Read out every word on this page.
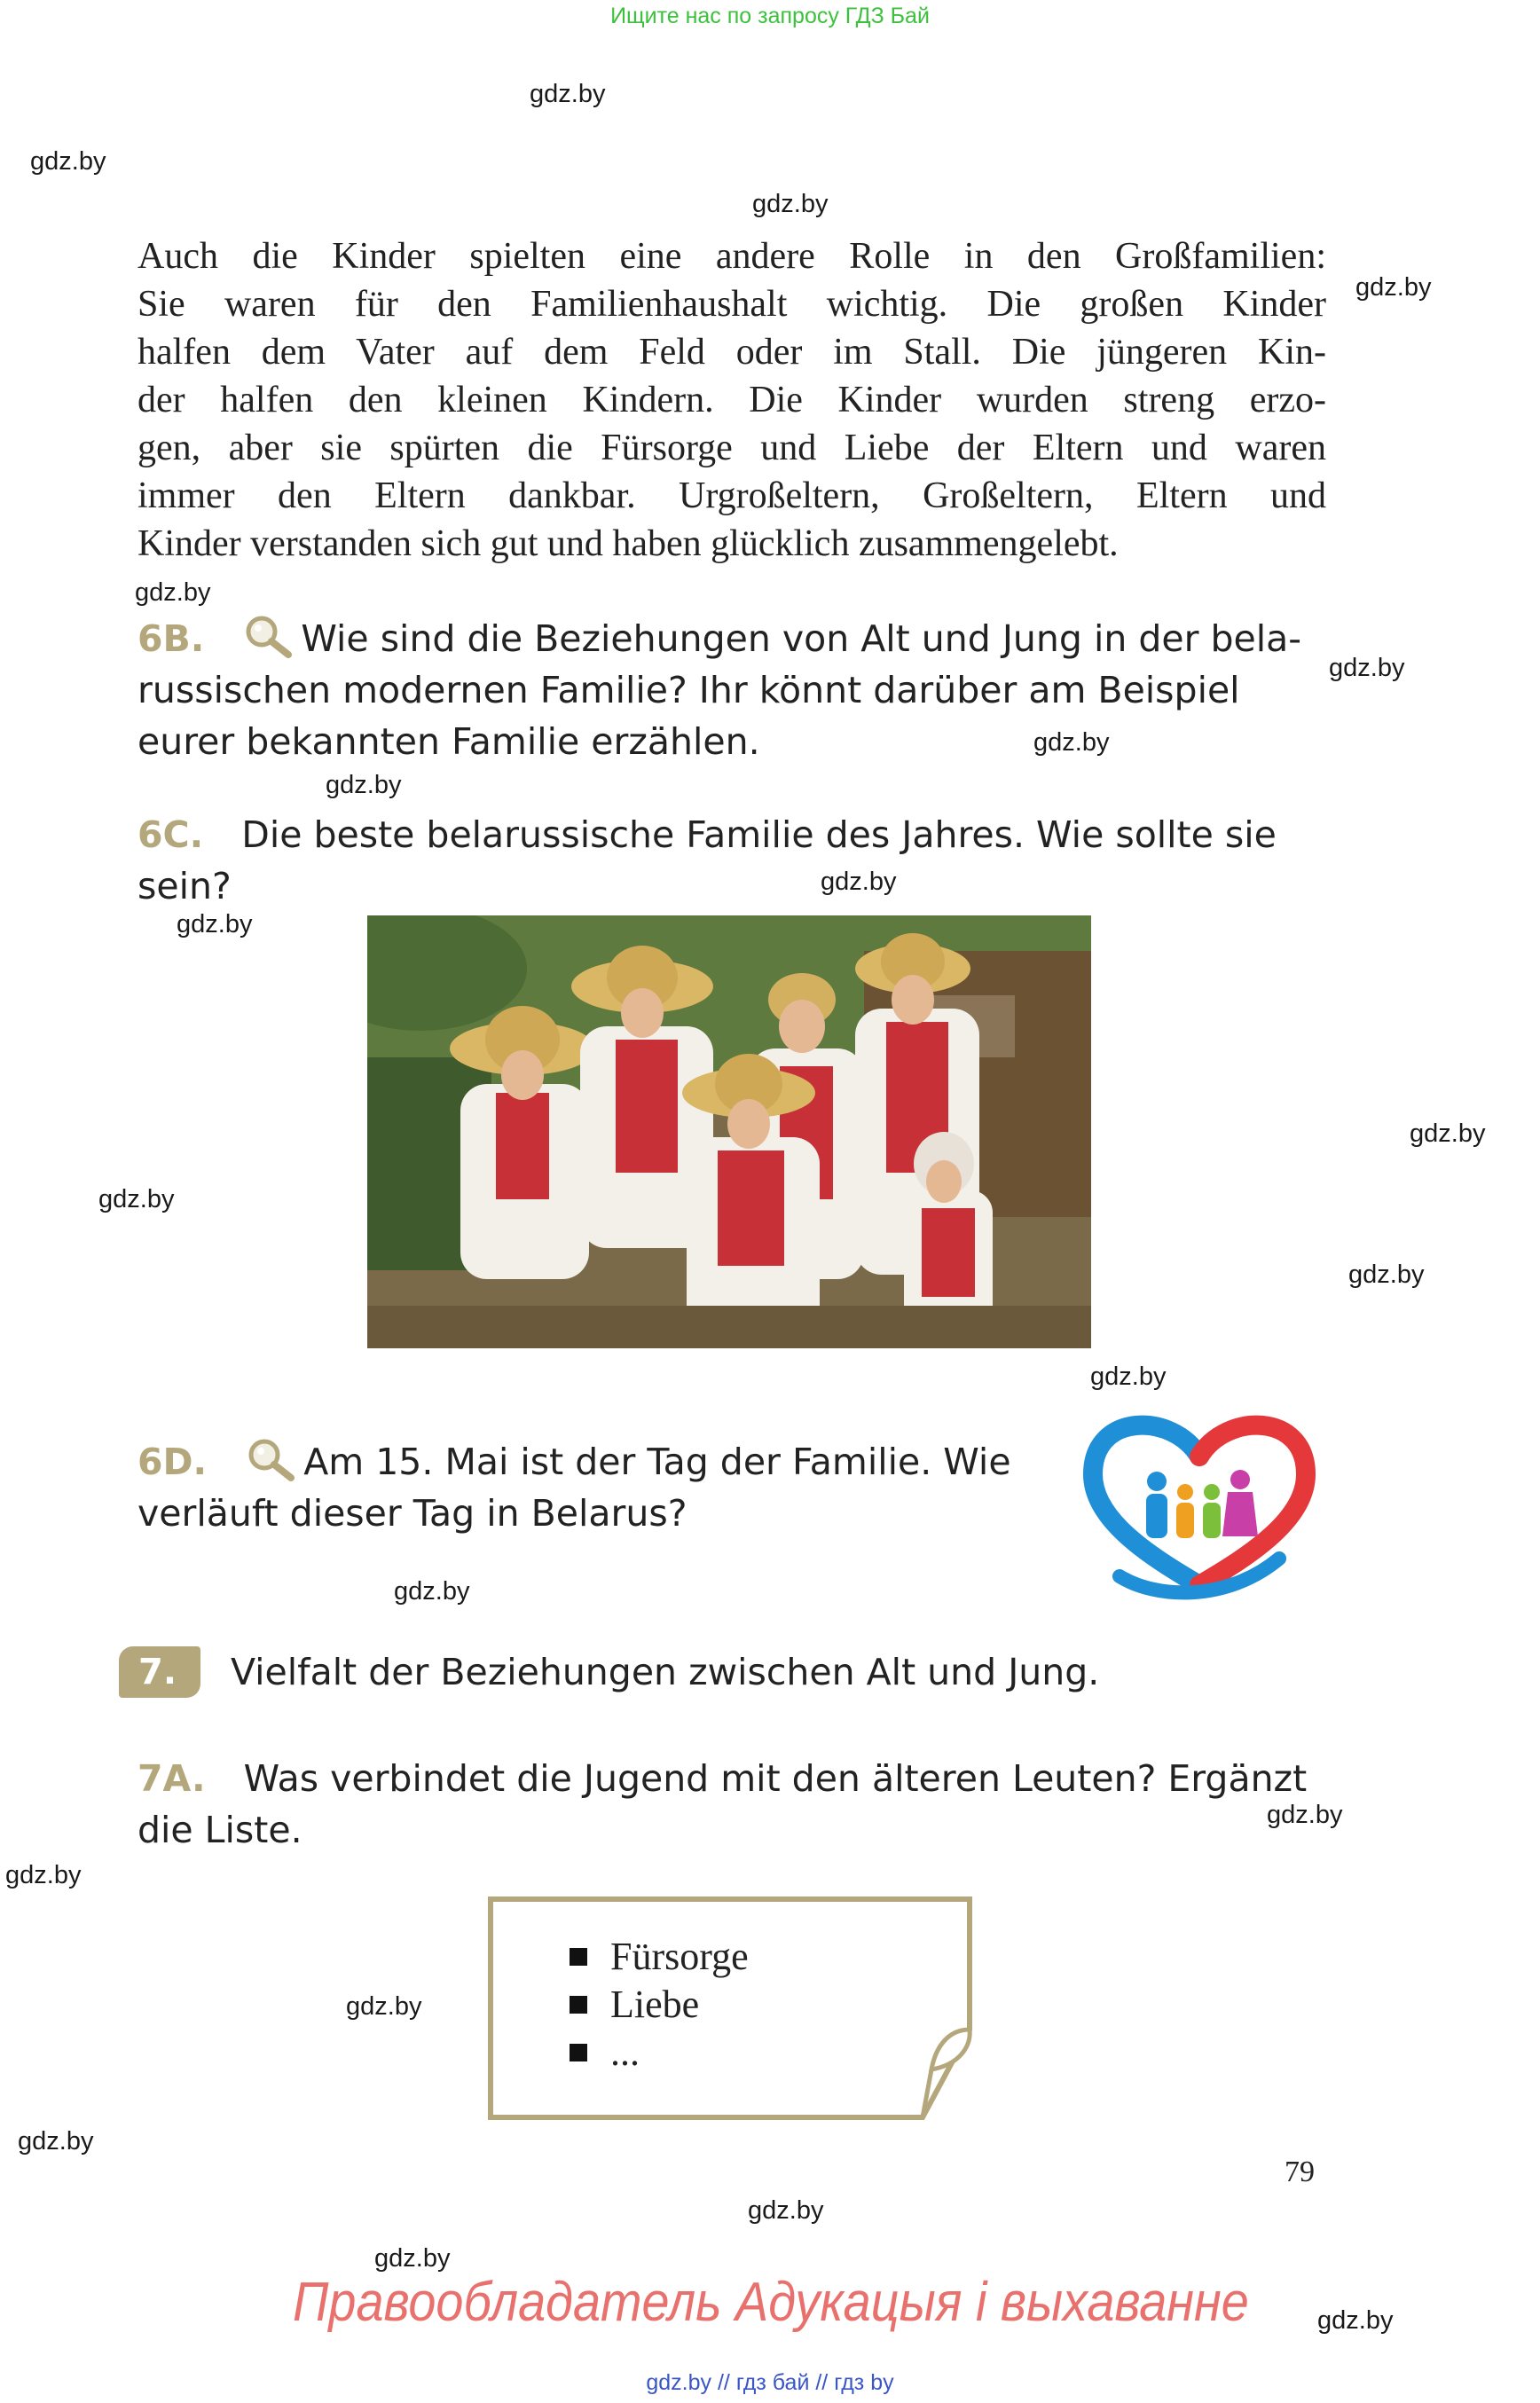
Ищите нас по запросу ГДЗ Бай
gdz.by
gdz.by
gdz.by
gdz.by
gdz.by
gdz.by
gdz.by
gdz.by
gdz.by
gdz.by
gdz.by
gdz.by
gdz.by
gdz.by
gdz.by
gdz.by
gdz.by
gdz.by
gdz.by
gdz.by
gdz.by
gdz.by
Auch die Kinder spielten eine andere Rolle in den Großfamilien:
Sie waren für den Familienhaushalt wichtig. Die großen Kinder
halfen dem Vater auf dem Feld oder im Stall. Die jüngeren Kin-
der halfen den kleinen Kindern. Die Kinder wurden streng erzo-
gen, aber sie spürten die Fürsorge und Liebe der Eltern und waren
immer den Eltern dankbar. Urgroßeltern, Großeltern, Eltern und
Kinder verstanden sich gut und haben glücklich zusammengelebt.
6B.	Wie sind die Beziehungen von Alt und Jung in der bela-
russischen modernen Familie? Ihr könnt darüber am Beispiel
eurer bekannten Familie erzählen.
6C. Die beste belarussische Familie des Jahres. Wie sollte sie
sein?
6D.	Am 15. Mai ist der Tag der Familie. Wie
verläuft dieser Tag in Belarus?
7.	Vielfalt der Beziehungen zwischen Alt und Jung.
7A. Was verbindet die Jugend mit den älteren Leuten? Ergänzt
die Liste.
Fürsorge
Liebe
...
79
Правообладатель Адукацыя і выхаванне
gdz.by // гдз бай // гдз by
